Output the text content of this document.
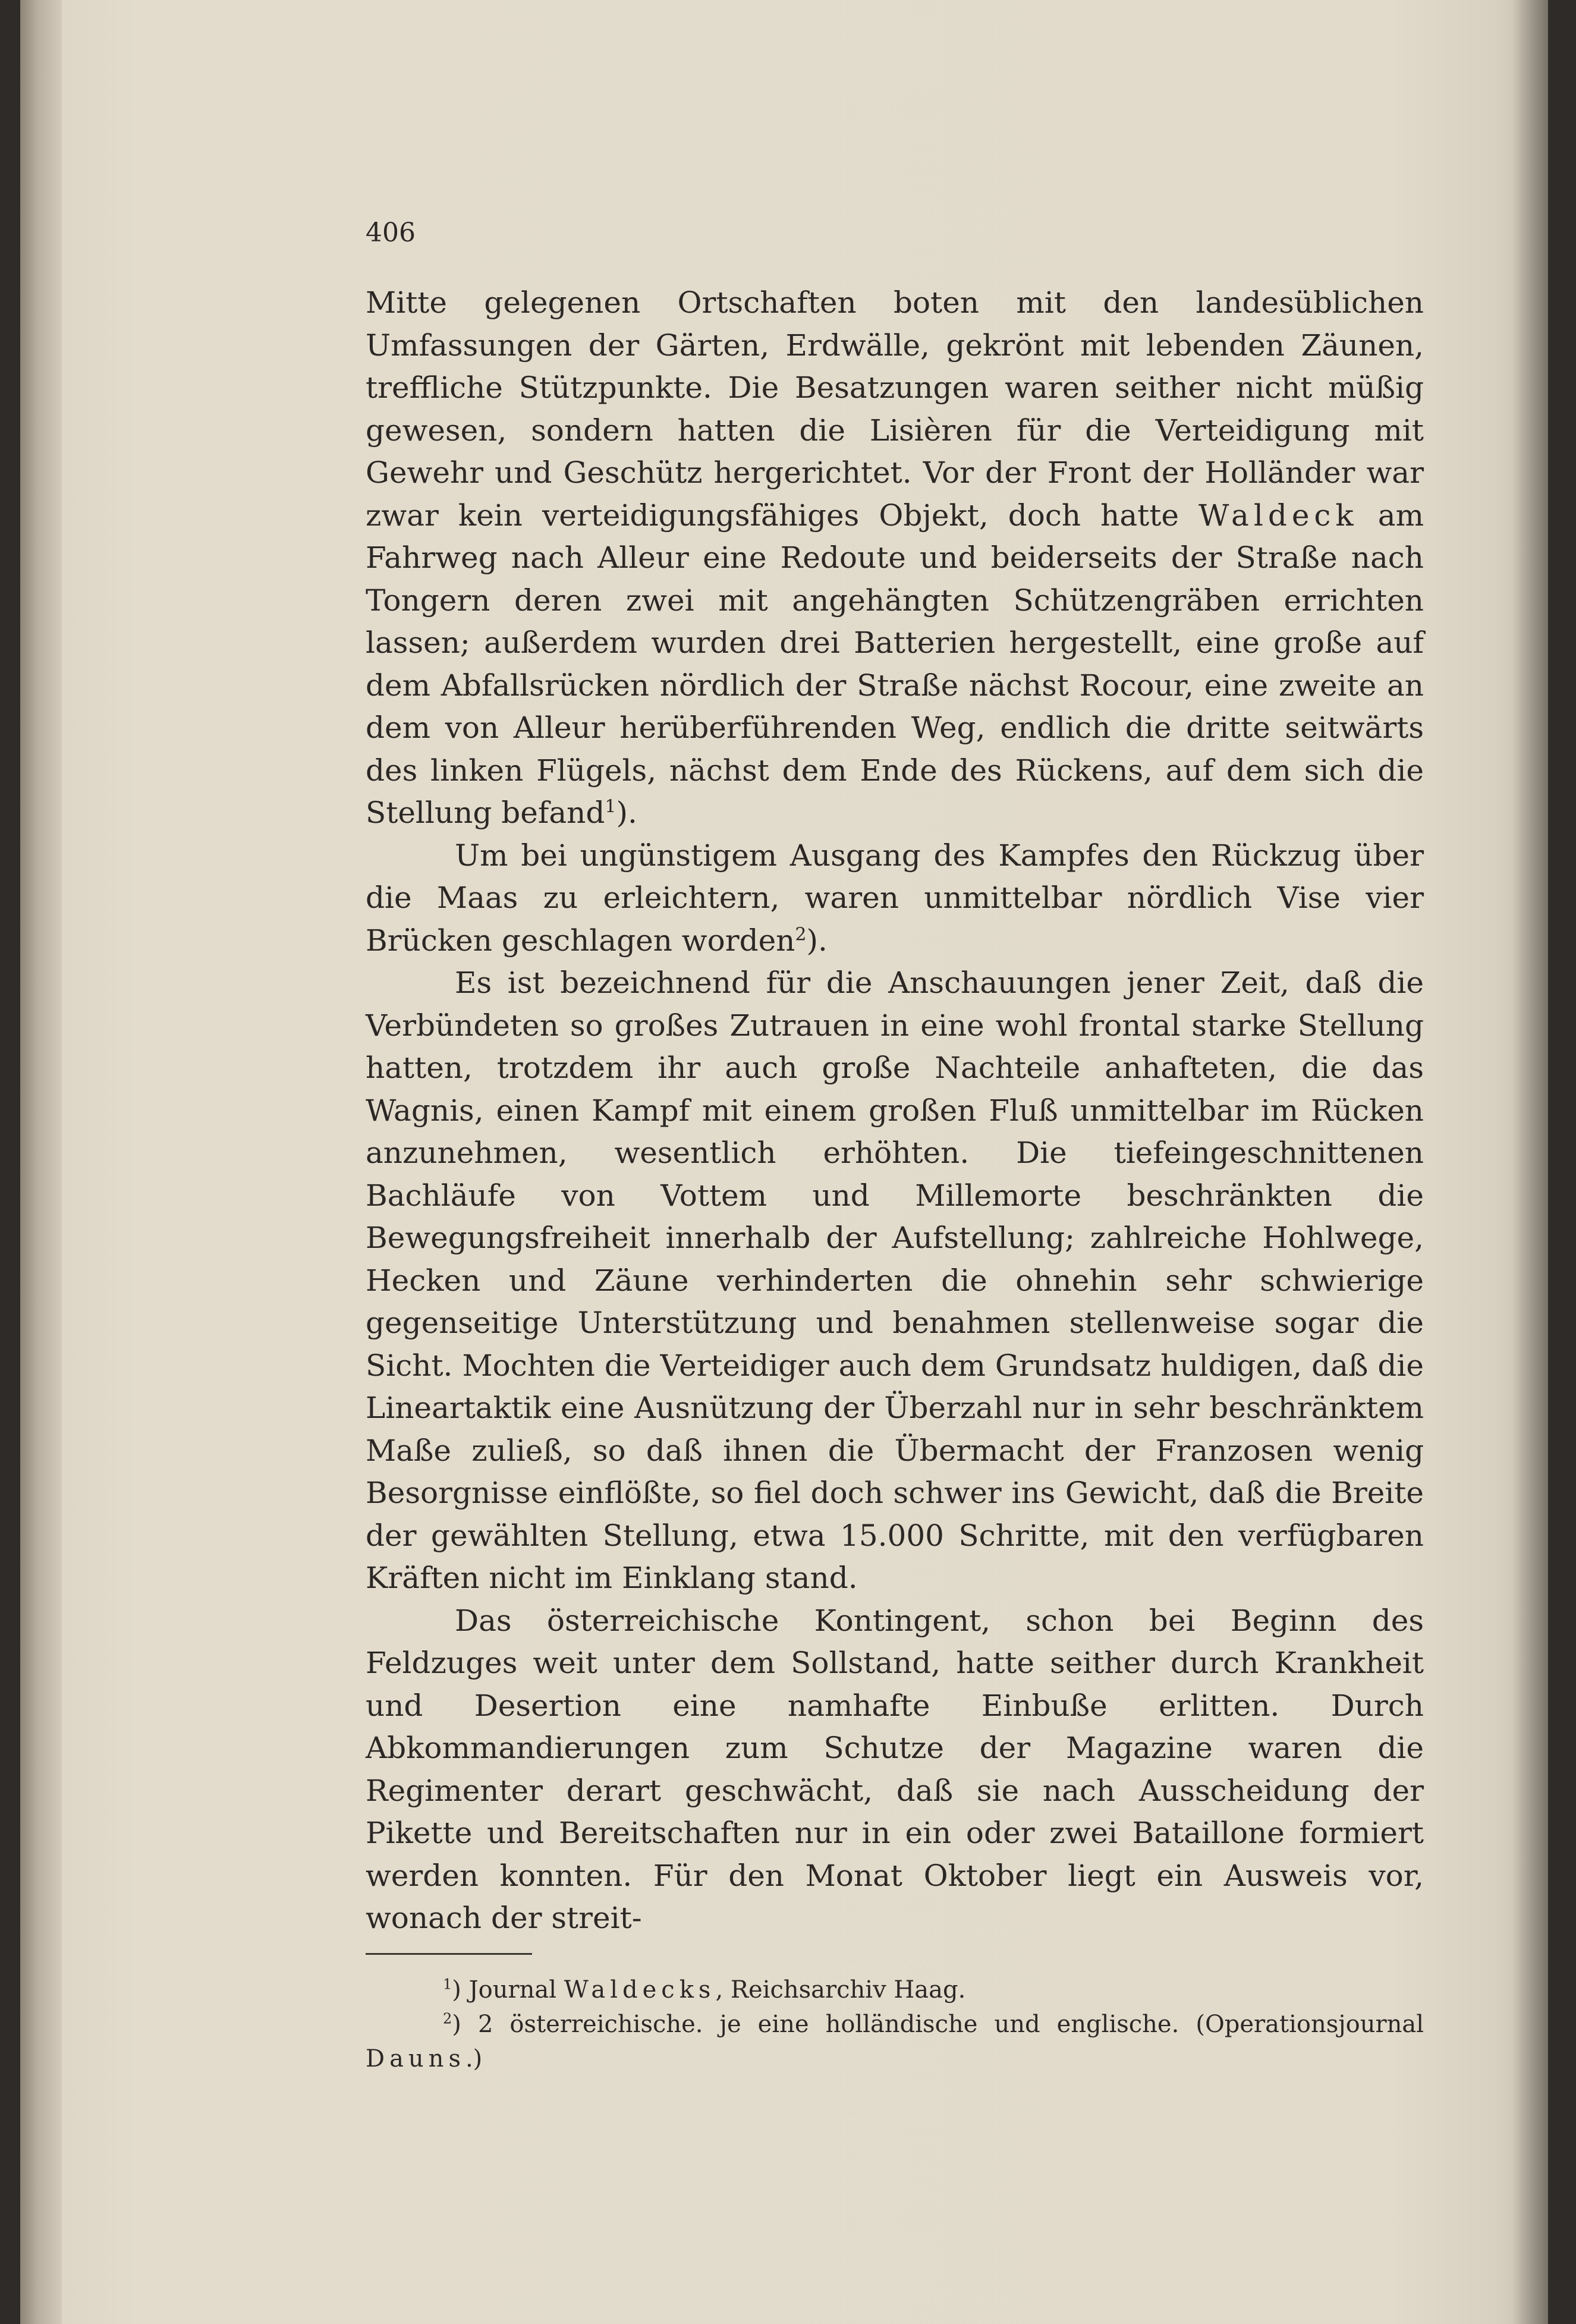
406

Mitte gelegenen Ortschaften boten mit den landesüblichen Umfassungen der Gärten, Erdwälle, gekrönt mit lebenden Zäunen, treffliche Stützpunkte. Die Besatzungen waren seither nicht müßig gewesen, sondern hatten die Lisièren für die Verteidigung mit Gewehr und Geschütz hergerichtet. Vor der Front der Holländer war zwar kein verteidigungsfähiges Objekt, doch hatte Waldeck am Fahrweg nach Alleur eine Redoute und beiderseits der Straße nach Tongern deren zwei mit angehängten Schützengräben errichten lassen; außerdem wurden drei Batterien hergestellt, eine große auf dem Abfallsrücken nördlich der Straße nächst Rocour, eine zweite an dem von Alleur herüberführenden Weg, endlich die dritte seitwärts des linken Flügels, nächst dem Ende des Rückens, auf dem sich die Stellung befand$^1$).

Um bei ungünstigem Ausgang des Kampfes den Rückzug über die Maas zu erleichtern, waren unmittelbar nördlich Vise vier Brücken geschlagen worden$^2$).

Es ist bezeichnend für die Anschauungen jener Zeit, daß die Verbündeten so großes Zutrauen in eine wohl frontal starke Stellung hatten, trotzdem ihr auch große Nachteile anhafteten, die das Wagnis, einen Kampf mit einem großen Fluß unmittelbar im Rücken anzunehmen, wesentlich erhöhten. Die tiefeingeschnittenen Bachläufe von Vottem und Millemorte beschränkten die Bewegungsfreiheit innerhalb der Aufstellung; zahlreiche Hohlwege, Hecken und Zäune verhinderten die ohnehin sehr schwierige gegenseitige Unterstützung und benahmen stellenweise sogar die Sicht. Mochten die Verteidiger auch dem Grundsatz huldigen, daß die Lineartaktik eine Ausnützung der Überzahl nur in sehr beschränktem Maße zuließ, so daß ihnen die Übermacht der Franzosen wenig Besorgnisse einflößte, so fiel doch schwer ins Gewicht, daß die Breite der gewählten Stellung, etwa 15.000 Schritte, mit den verfügbaren Kräften nicht im Einklang stand.

Das österreichische Kontingent, schon bei Beginn des Feldzuges weit unter dem Sollstand, hatte seither durch Krankheit und Desertion eine namhafte Einbuße erlitten. Durch Abkommandierungen zum Schutze der Magazine waren die Regimenter derart geschwächt, daß sie nach Ausscheidung der Pikette und Bereitschaften nur in ein oder zwei Bataillone formiert werden konnten. Für den Monat Oktober liegt ein Ausweis vor, wonach der streit-

$^1$) Journal Waldecks, Reichsarchiv Haag.

$^2$) 2 österreichische. je eine holländische und englische. (Operationsjournal Dauns.)
